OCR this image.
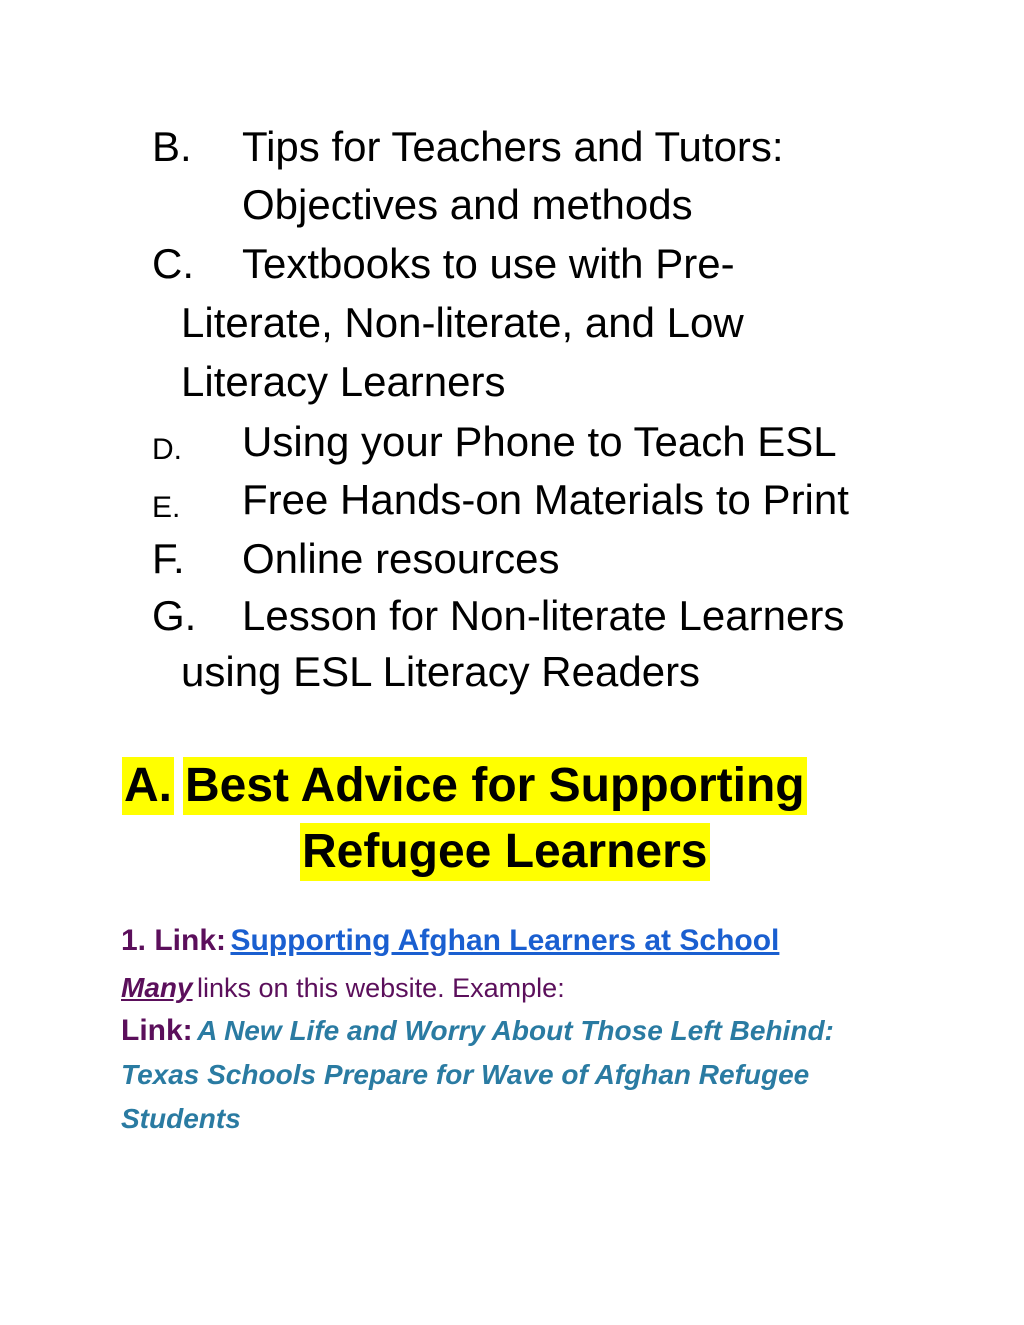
B. Tips for Teachers and Tutors:
Objectives and methods
C. Textbooks to use with Pre-
Literate, Non-literate, and Low
Literacy Learners
D. Using your Phone to Teach ESL
E. Free Hands-on Materials to Print
F. Online resources
G. Lesson for Non-literate Learners
using ESL Literacy Readers
A. Best Advice for Supporting
Refugee Learners
1. Link: Supporting Afghan Learners at School
Many links on this website. Example:
Link: A New Life and Worry About Those Left Behind:
Texas Schools Prepare for Wave of Afghan Refugee
Students
